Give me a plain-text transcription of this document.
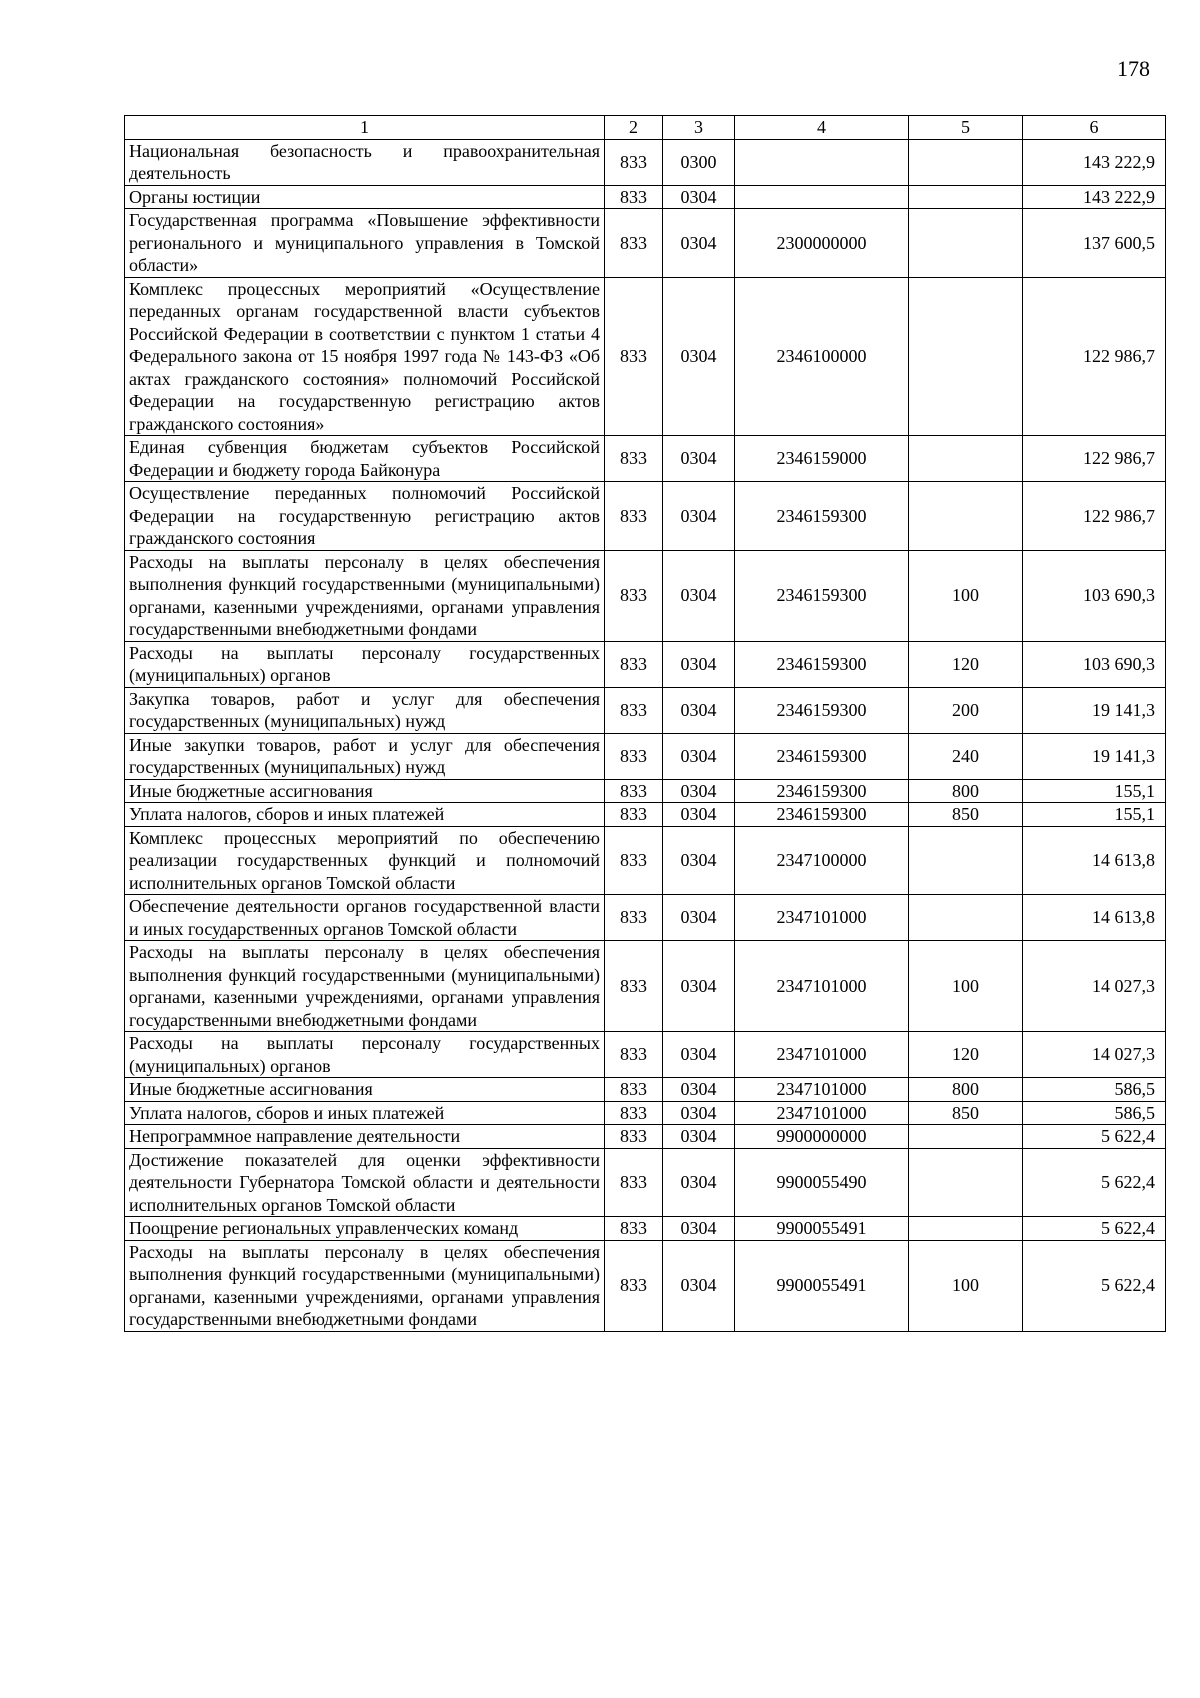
178
1	2	3	4	5	6
Национальная безопасность и правоохранительная деятельность	833	0300			143 222,9
Органы юстиции	833	0304			143 222,9
Государственная программа «Повышение эффективности регионального и муниципального управления в Томской области»	833	0304	2300000000		137 600,5
Комплекс процессных мероприятий «Осуществление переданных органам государственной власти субъектов Российской Федерации в соответствии с пунктом 1 статьи 4 Федерального закона от 15 ноября 1997 года № 143-ФЗ «Об актах гражданского состояния» полномочий Российской Федерации на государственную регистрацию актов гражданского состояния»	833	0304	2346100000		122 986,7
Единая субвенция бюджетам субъектов Российской Федерации и бюджету города Байконура	833	0304	2346159000		122 986,7
Осуществление переданных полномочий Российской Федерации на государственную регистрацию актов гражданского состояния	833	0304	2346159300		122 986,7
Расходы на выплаты персоналу в целях обеспечения выполнения функций государственными (муниципальными) органами, казенными учреждениями, органами управления государственными внебюджетными фондами	833	0304	2346159300	100	103 690,3
Расходы на выплаты персоналу государственных (муниципальных) органов	833	0304	2346159300	120	103 690,3
Закупка товаров, работ и услуг для обеспечения государственных (муниципальных) нужд	833	0304	2346159300	200	19 141,3
Иные закупки товаров, работ и услуг для обеспечения государственных (муниципальных) нужд	833	0304	2346159300	240	19 141,3
Иные бюджетные ассигнования	833	0304	2346159300	800	155,1
Уплата налогов, сборов и иных платежей	833	0304	2346159300	850	155,1
Комплекс процессных мероприятий по обеспечению реализации государственных функций и полномочий исполнительных органов Томской области	833	0304	2347100000		14 613,8
Обеспечение деятельности органов государственной власти и иных государственных органов Томской области	833	0304	2347101000		14 613,8
Расходы на выплаты персоналу в целях обеспечения выполнения функций государственными (муниципальными) органами, казенными учреждениями, органами управления государственными внебюджетными фондами	833	0304	2347101000	100	14 027,3
Расходы на выплаты персоналу государственных (муниципальных) органов	833	0304	2347101000	120	14 027,3
Иные бюджетные ассигнования	833	0304	2347101000	800	586,5
Уплата налогов, сборов и иных платежей	833	0304	2347101000	850	586,5
Непрограммное направление деятельности	833	0304	9900000000		5 622,4
Достижение показателей для оценки эффективности деятельности Губернатора Томской области и деятельности исполнительных органов Томской области	833	0304	9900055490		5 622,4
Поощрение региональных управленческих команд	833	0304	9900055491		5 622,4
Расходы на выплаты персоналу в целях обеспечения выполнения функций государственными (муниципальными) органами, казенными учреждениями, органами управления государственными внебюджетными фондами	833	0304	9900055491	100	5 622,4
